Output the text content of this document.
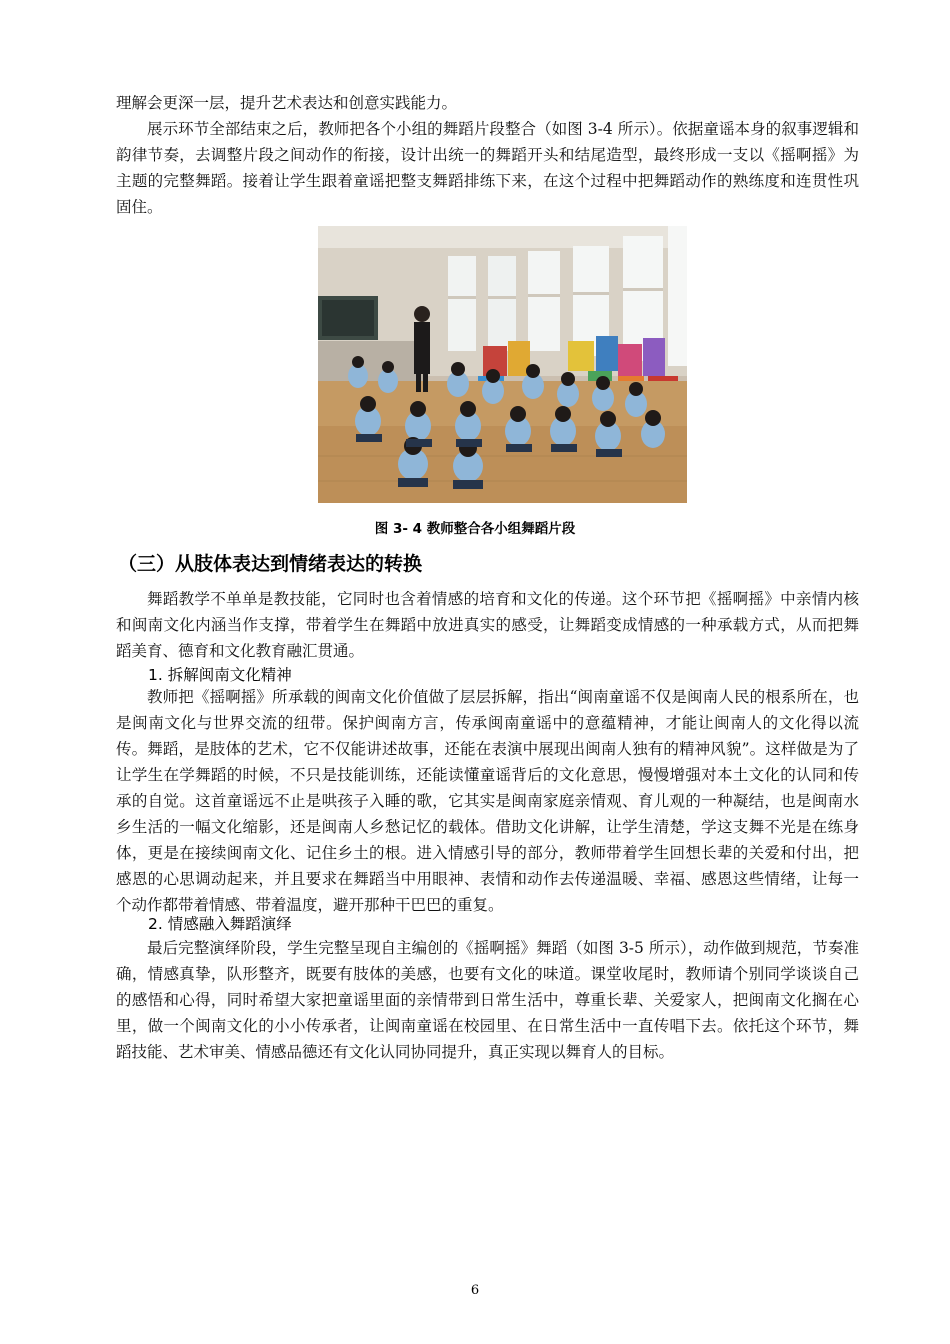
理解会更深一层，提升艺术表达和创意实践能力。

展示环节全部结束之后，教师把各个小组的舞蹈片段整合（如图 3-4 所示）。依据童谣本身的叙事逻辑和韵律节奏，去调整片段之间动作的衔接，设计出统一的舞蹈开头和结尾造型，最终形成一支以《摇啊摇》为主题的完整舞蹈。接着让学生跟着童谣把整支舞蹈排练下来，在这个过程中把舞蹈动作的熟练度和连贯性巩固住。

图 3- 4 教师整合各小组舞蹈片段
（三）从肢体表达到情绪表达的转换

舞蹈教学不单单是教技能，它同时也含着情感的培育和文化的传递。这个环节把《摇啊摇》中亲情内核和闽南文化内涵当作支撑，带着学生在舞蹈中放进真实的感受，让舞蹈变成情感的一种承载方式，从而把舞蹈美育、德育和文化教育融汇贯通。

1. 拆解闽南文化精神

教师把《摇啊摇》所承载的闽南文化价值做了层层拆解，指出“闽南童谣不仅是闽南人民的根系所在，也是闽南文化与世界交流的纽带。保护闽南方言，传承闽南童谣中的意蕴精神，才能让闽南人的文化得以流传。舞蹈，是肢体的艺术，它不仅能讲述故事，还能在表演中展现出闽南人独有的精神风貌”。这样做是为了让学生在学舞蹈的时候，不只是技能训练，还能读懂童谣背后的文化意思，慢慢增强对本土文化的认同和传承的自觉。这首童谣远不止是哄孩子入睡的歌，它其实是闽南家庭亲情观、育儿观的一种凝结，也是闽南水乡生活的一幅文化缩影，还是闽南人乡愁记忆的载体。借助文化讲解，让学生清楚，学这支舞不光是在练身体，更是在接续闽南文化、记住乡土的根。进入情感引导的部分，教师带着学生回想长辈的关爱和付出，把感恩的心思调动起来，并且要求在舞蹈当中用眼神、表情和动作去传递温暖、幸福、感恩这些情绪，让每一个动作都带着情感、带着温度，避开那种干巴巴的重复。

2. 情感融入舞蹈演绎

最后完整演绎阶段，学生完整呈现自主编创的《摇啊摇》舞蹈（如图 3-5 所示），动作做到规范，节奏准确，情感真挚，队形整齐，既要有肢体的美感，也要有文化的味道。课堂收尾时，教师请个别同学谈谈自己的感悟和心得，同时希望大家把童谣里面的亲情带到日常生活中，尊重长辈、关爱家人，把闽南文化搁在心里，做一个闽南文化的小小传承者，让闽南童谣在校园里、在日常生活中一直传唱下去。依托这个环节，舞蹈技能、艺术审美、情感品德还有文化认同协同提升，真正实现以舞育人的目标。

6
